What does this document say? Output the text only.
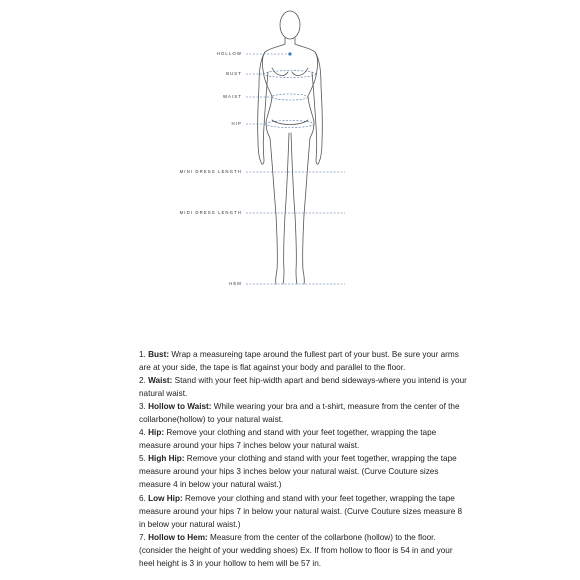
HOLLOW
BUST
WAIST
HIP
MINI DRESS LENGTH
MIDI DRESS LENGTH
HEM

1. Bust: Wrap a measureing tape around the fullest part of your bust. Be sure your arms are at your side, the tape is flat against your body and parallel to the floor.

2. Waist: Stand with your feet hip-width apart and bend sideways-where you intend is your natural waist.

3. Hollow to Waist: While wearing your bra and a t-shirt, measure from the center of the collarbone(hollow) to your natural waist.

4. Hip: Remove your clothing and stand with your feet together, wrapping the tape measure around your hips 7 inches below your natural waist.

5. High Hip: Remove your clothing and stand with your feet together, wrapping the tape measure around your hips 3 inches below your natural waist. (Curve Couture sizes measure 4 in below your natural waist.)

6. Low Hip: Remove your clothing and stand with your feet together, wrapping the tape measure around your hips 7 in below your natural waist. (Curve Couture sizes measure 8 in below your natural waist.)

7. Hollow to Hem: Measure from the center of the collarbone (hollow) to the floor. (consider the height of your wedding shoes) Ex. If from hollow to floor is 54 in and your heel height is 3 in your hollow to hem will be 57 in.
